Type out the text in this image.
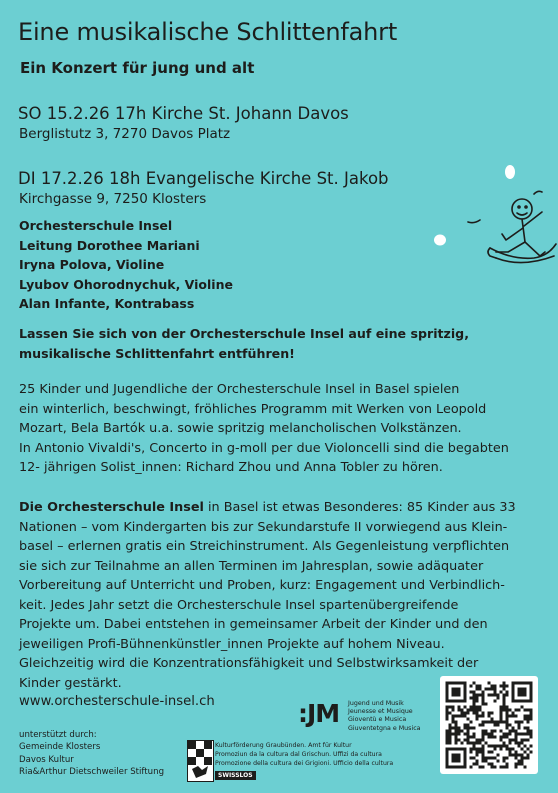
Eine musikalische Schlittenfahrt
Ein Konzert für jung und alt
SO 15.2.26 17h Kirche St. Johann Davos
Berglistutz 3, 7270 Davos Platz
DI 17.2.26 18h Evangelische Kirche St. Jakob
Kirchgasse 9, 7250 Klosters
Orchesterschule Insel
Leitung Dorothee Mariani
Iryna Polova, Violine
Lyubov Ohorodnychuk, Violine
Alan Infante, Kontrabass
Lassen Sie sich von der Orchesterschule Insel auf eine spritzig,
musikalische Schlittenfahrt entführen!
25 Kinder und Jugendliche der Orchesterschule Insel in Basel spielen
ein winterlich, beschwingt, fröhliches Programm mit Werken von Leopold
Mozart, Bela Bartók u.a. sowie spritzig melancholischen Volkstänzen.
In Antonio Vivaldi's, Concerto in g-moll per due Violoncelli sind die begabten
12- jährigen Solist_innen: Richard Zhou und Anna Tobler zu hören.
Die Orchesterschule Insel in Basel ist etwas Besonderes: 85 Kinder aus 33
Nationen – vom Kindergarten bis zur Sekundarstufe II vorwiegend aus Klein-
basel – erlernen gratis ein Streichinstrument. Als Gegenleistung verpflichten
sie sich zur Teilnahme an allen Terminen im Jahresplan, sowie adäquater
Vorbereitung auf Unterricht und Proben, kurz: Engagement und Verbindlich-
keit. Jedes Jahr setzt die Orchesterschule Insel spartenübergreifende
Projekte um. Dabei entstehen in gemeinsamer Arbeit der Kinder und den
jeweiligen Profi-Bühnenkünstler_innen Projekte auf hohem Niveau.
Gleichzeitig wird die Konzentrationsfähigkeit und Selbstwirksamkeit der
Kinder gestärkt.
www.orchesterschule-insel.ch
unterstützt durch:
Gemeinde Klosters
Davos Kultur
Ria&Arthur Dietschweiler Stiftung
:JM Jugend und Musik
Jeunesse et Musique
Gioventù e Musica
Giuventetgna e Musica
Kulturförderung Graubünden. Amt für Kultur
Promoziun da la cultura dal Grischun. Uffizi da cultura
Promozione della cultura dei Grigioni. Ufficio della cultura
SWISSLOS
